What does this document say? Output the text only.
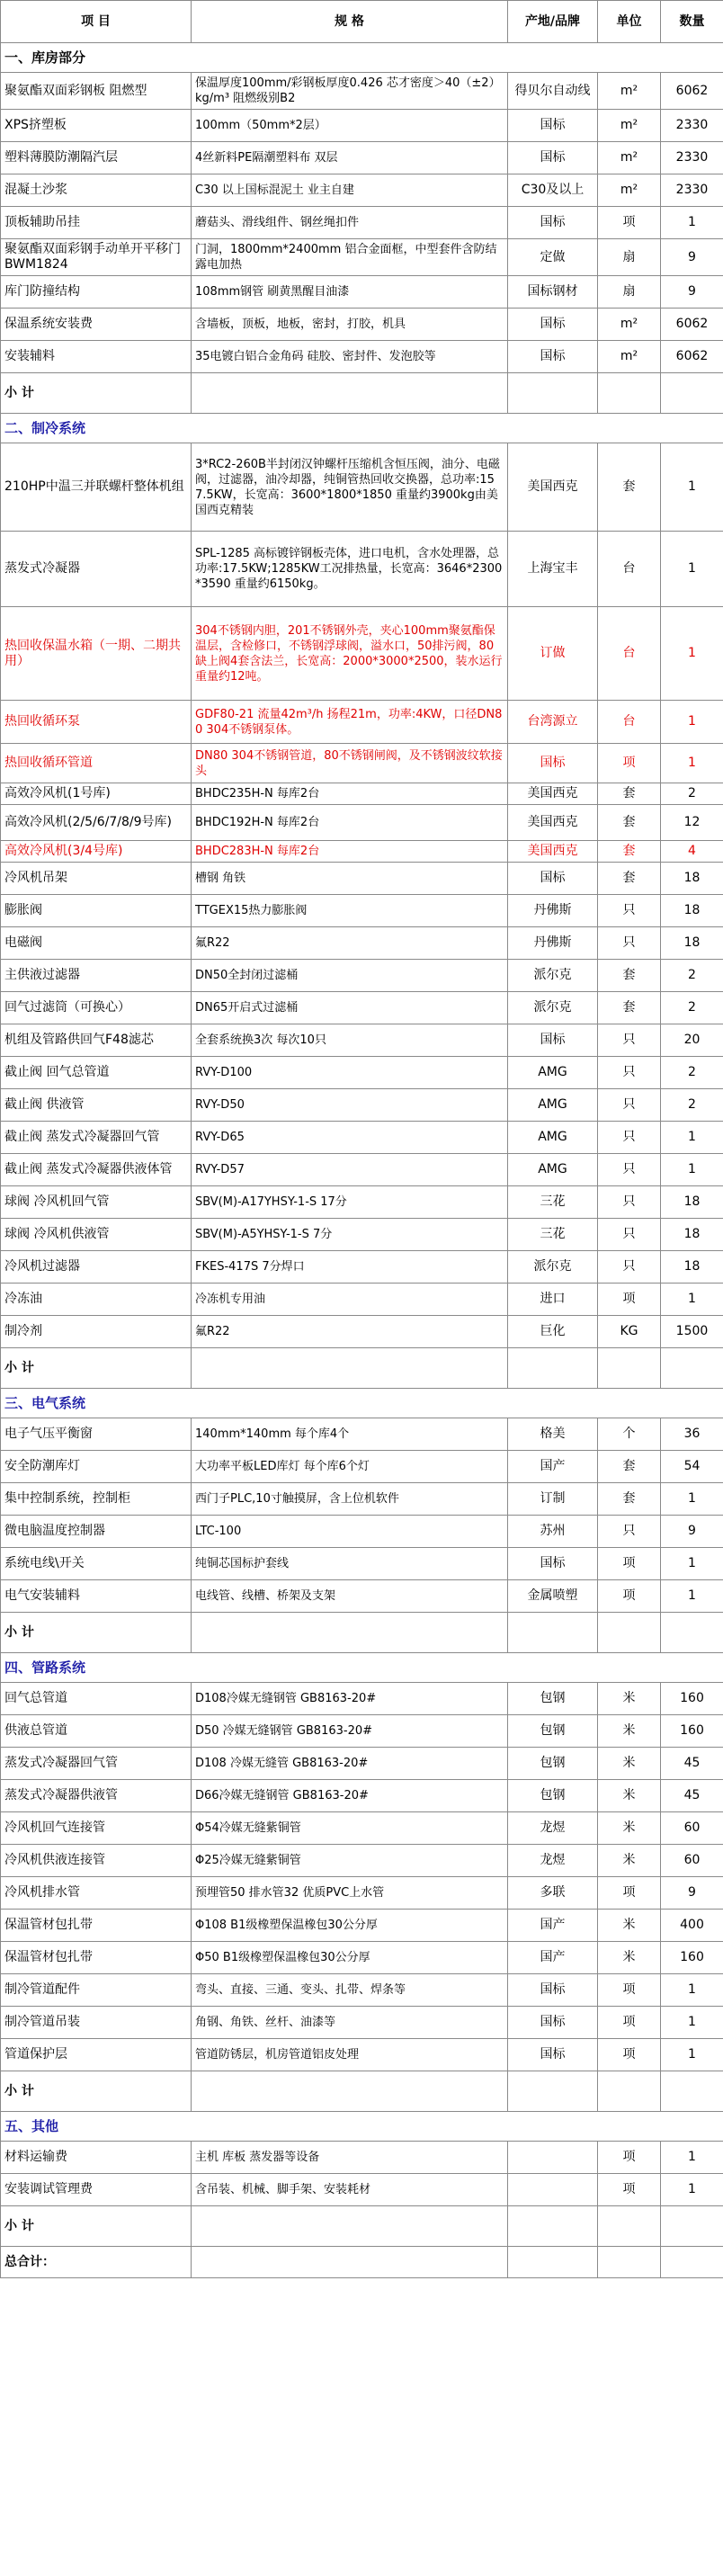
项 目	规 格	产地/品牌	单位	数量
一、库房部分				
聚氨酯双面彩钢板 阻燃型	保温厚度100mm/彩钢板厚度0.426 芯才密度＞40（±2）kg/m³ 阻燃级别B2	得贝尔自动线	m²	6062
XPS挤塑板	100mm（50mm*2层）	国标	m²	2330
塑料薄膜防潮隔汽层	4丝新料PE隔潮塑料布 双层	国标	m²	2330
混凝土沙浆	C30 以上国标混泥土 业主自建	C30及以上	m²	2330
顶板辅助吊挂	蘑菇头、滑线组件、钢丝绳扣件	国标	项	1
聚氨酯双面彩钢手动单开平移门BWM1824	门洞，1800mm*2400mm 铝合金面框，中型套件含防结露电加热	定做	扇	9
库门防撞结构	108mm钢管 刷黄黑醒目油漆	国标钢材	扇	9
保温系统安装费	含墙板，顶板，地板，密封，打胶，机具	国标	m²	6062
安装辅料	35电镀白铝合金角码 硅胶、密封件、发泡胶等	国标	m²	6062
小 计				
二、制冷系统				
210HP中温三并联螺杆整体机组	3*RC2-260B半封闭汉钟螺杆压缩机含恒压阀，油分、电磁阀，过滤器，油冷却器，纯铜管热回收交换器，总功率:157.5KW，长宽高：3600*1800*1850 重量约3900kg由美国西克精装	美国西克	套	1
蒸发式冷凝器	SPL-1285 高标镀锌钢板壳体，进口电机，含水处理器，总功率:17.5KW;1285KW工况排热量，长宽高：3646*2300*3590 重量约6150kg。	上海宝丰	台	1
热回收保温水箱（一期、二期共用）	304不锈钢内胆，201不锈钢外壳，夹心100mm聚氨酯保温层，含检修口，不锈钢浮球阀，溢水口，50排污阀，80缺上阀4套含法兰，长宽高：2000*3000*2500，装水运行重量约12吨。	订做	台	1
热回收循环泵	GDF80-21 流量42m³/h 扬程21m，功率:4KW，口径DN80 304不锈钢泵体。	台湾源立	台	1
热回收循环管道	DN80 304不锈钢管道，80不锈钢闸阀，及不锈钢波纹软接头	国标	项	1
高效冷风机(1号库)	BHDC235H-N 每库2台	美国西克	套	2
高效冷风机(2/5/6/7/8/9号库)	BHDC192H-N 每库2台	美国西克	套	12
高效冷风机(3/4号库)	BHDC283H-N 每库2台	美国西克	套	4
冷风机吊架	槽钢 角铁	国标	套	18
膨胀阀	TTGEX15热力膨胀阀	丹佛斯	只	18
电磁阀	氟R22	丹佛斯	只	18
主供液过滤器	DN50全封闭过滤桶	派尔克	套	2
回气过滤筒（可换心）	DN65开启式过滤桶	派尔克	套	2
机组及管路供回气F48滤芯	全套系统换3次 每次10只	国标	只	20
截止阀 回气总管道	RVY-D100	AMG	只	2
截止阀 供液管	RVY-D50	AMG	只	2
截止阀 蒸发式冷凝器回气管	RVY-D65	AMG	只	1
截止阀 蒸发式冷凝器供液体管	RVY-D57	AMG	只	1
球阀 冷风机回气管	SBV(M)-A17YHSY-1-S 17分	三花	只	18
球阀 冷风机供液管	SBV(M)-A5YHSY-1-S 7分	三花	只	18
冷风机过滤器	FKES-417S 7分焊口	派尔克	只	18
冷冻油	冷冻机专用油	进口	项	1
制冷剂	氟R22	巨化	KG	1500
小 计				
三、电气系统				
电子气压平衡窗	140mm*140mm 每个库4个	格美	个	36
安全防潮库灯	大功率平板LED库灯 每个库6个灯	国产	套	54
集中控制系统，控制柜	西门子PLC,10寸触摸屏，含上位机软件	订制	套	1
微电脑温度控制器	LTC-100	苏州	只	9
系统电线\开关	纯铜芯国标护套线	国标	项	1
电气安装辅料	电线管、线槽、桥架及支架	金属喷塑	项	1
小 计				
四、管路系统				
回气总管道	D108冷媒无缝钢管 GB8163-20#	包钢	米	160
供液总管道	D50 冷媒无缝钢管 GB8163-20#	包钢	米	160
蒸发式冷凝器回气管	D108 冷媒无缝管 GB8163-20#	包钢	米	45
蒸发式冷凝器供液管	D66冷媒无缝钢管 GB8163-20#	包钢	米	45
冷风机回气连接管	Φ54冷媒无缝紫铜管	龙煜	米	60
冷风机供液连接管	Φ25冷媒无缝紫铜管	龙煜	米	60
冷风机排水管	预埋管50 排水管32 优质PVC上水管	多联	项	9
保温管材包扎带	Φ108 B1级橡塑保温橡包30公分厚	国产	米	400
保温管材包扎带	Φ50 B1级橡塑保温橡包30公分厚	国产	米	160
制冷管道配件	弯头、直接、三通、变头、扎带、焊条等	国标	项	1
制冷管道吊装	角钢、角铁、丝杆、油漆等	国标	项	1
管道保护层	管道防锈层，机房管道铝皮处理	国标	项	1
小 计				
五、其他				
材料运输费	主机 库板 蒸发器等设备		项	1
安装调试管理费	含吊装、机械、脚手架、安装耗材		项	1
小 计				
总合计：				
